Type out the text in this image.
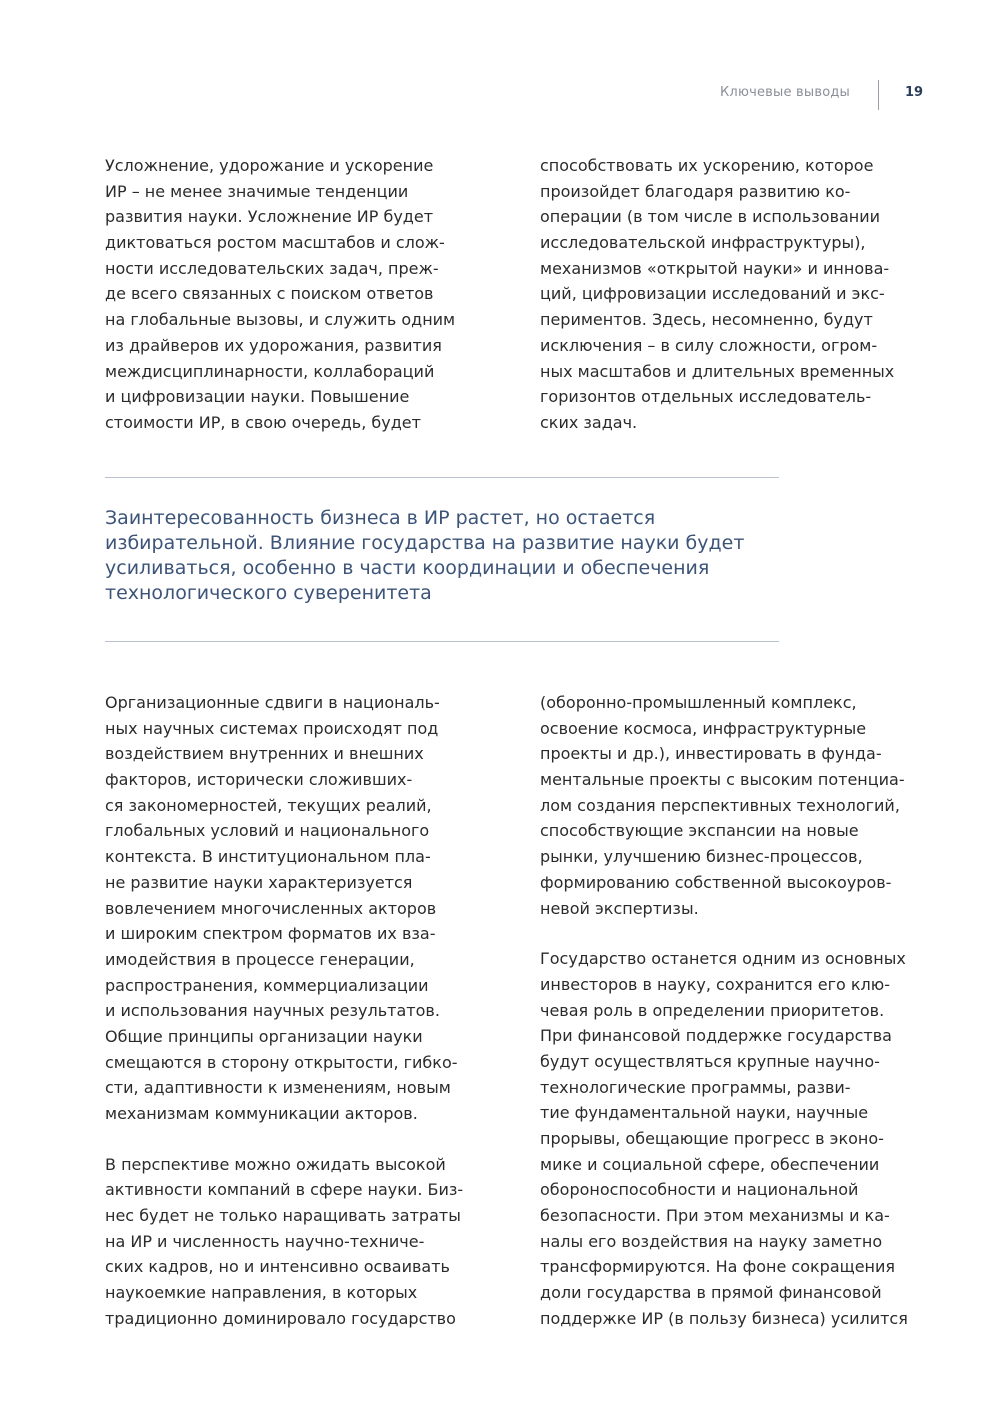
Ключевые выводы	19
Усложнение, удорожание и ускорение
ИР – не менее значимые тенденции
развития науки. Усложнение ИР будет
диктоваться ростом масштабов и слож-
ности исследовательских задач, преж-
де всего связанных с поиском ответов
на глобальные вызовы, и служить одним
из драйверов их удорожания, развития
междисциплинарности, коллабораций
и цифровизации науки. Повышение
стоимости ИР, в свою очередь, будет
способствовать их ускорению, которое
произойдет благодаря развитию ко-
операции (в том числе в использовании
исследовательской инфраструктуры),
механизмов «открытой науки» и иннова-
ций, цифровизации исследований и экс-
периментов. Здесь, несомненно, будут
исключения – в силу сложности, огром-
ных масштабов и длительных временных
горизонтов отдельных исследователь-
ских задач.
Заинтересованность бизнеса в ИР растет, но остается
избирательной. Влияние государства на развитие науки будет
усиливаться, особенно в части координации и обеспечения
технологического суверенитета
Организационные сдвиги в националь-
ных научных системах происходят под
воздействием внутренних и внешних
факторов, исторически сложивших-
ся закономерностей, текущих реалий,
глобальных условий и национального
контекста. В институциональном пла-
не развитие науки характеризуется
вовлечением многочисленных акторов
и широким спектром форматов их вза-
имодействия в процессе генерации,
распространения, коммерциализации
и использования научных результатов.
Общие принципы организации науки
смещаются в сторону открытости, гибко-
сти, адаптивности к изменениям, новым
механизмам коммуникации акторов.
В перспективе можно ожидать высокой
активности компаний в сфере науки. Биз-
нес будет не только наращивать затраты
на ИР и численность научно-техниче-
ских кадров, но и интенсивно осваивать
наукоемкие направления, в которых
традиционно доминировало государство
(оборонно-промышленный комплекс,
освоение космоса, инфраструктурные
проекты и др.), инвестировать в фунда-
ментальные проекты с высоким потенциа-
лом создания перспективных технологий,
способствующие экспансии на новые
рынки, улучшению бизнес-процессов,
формированию собственной высокоуров-
невой экспертизы.
Государство останется одним из основных
инвесторов в науку, сохранится его клю-
чевая роль в определении приоритетов.
При финансовой поддержке государства
будут осуществляться крупные научно-
технологические программы, разви-
тие фундаментальной науки, научные
прорывы, обещающие прогресс в эконо-
мике и социальной сфере, обеспечении
обороноспособности и национальной
безопасности. При этом механизмы и ка-
налы его воздействия на науку заметно
трансформируются. На фоне сокращения
доли государства в прямой финансовой
поддержке ИР (в пользу бизнеса) усилится
